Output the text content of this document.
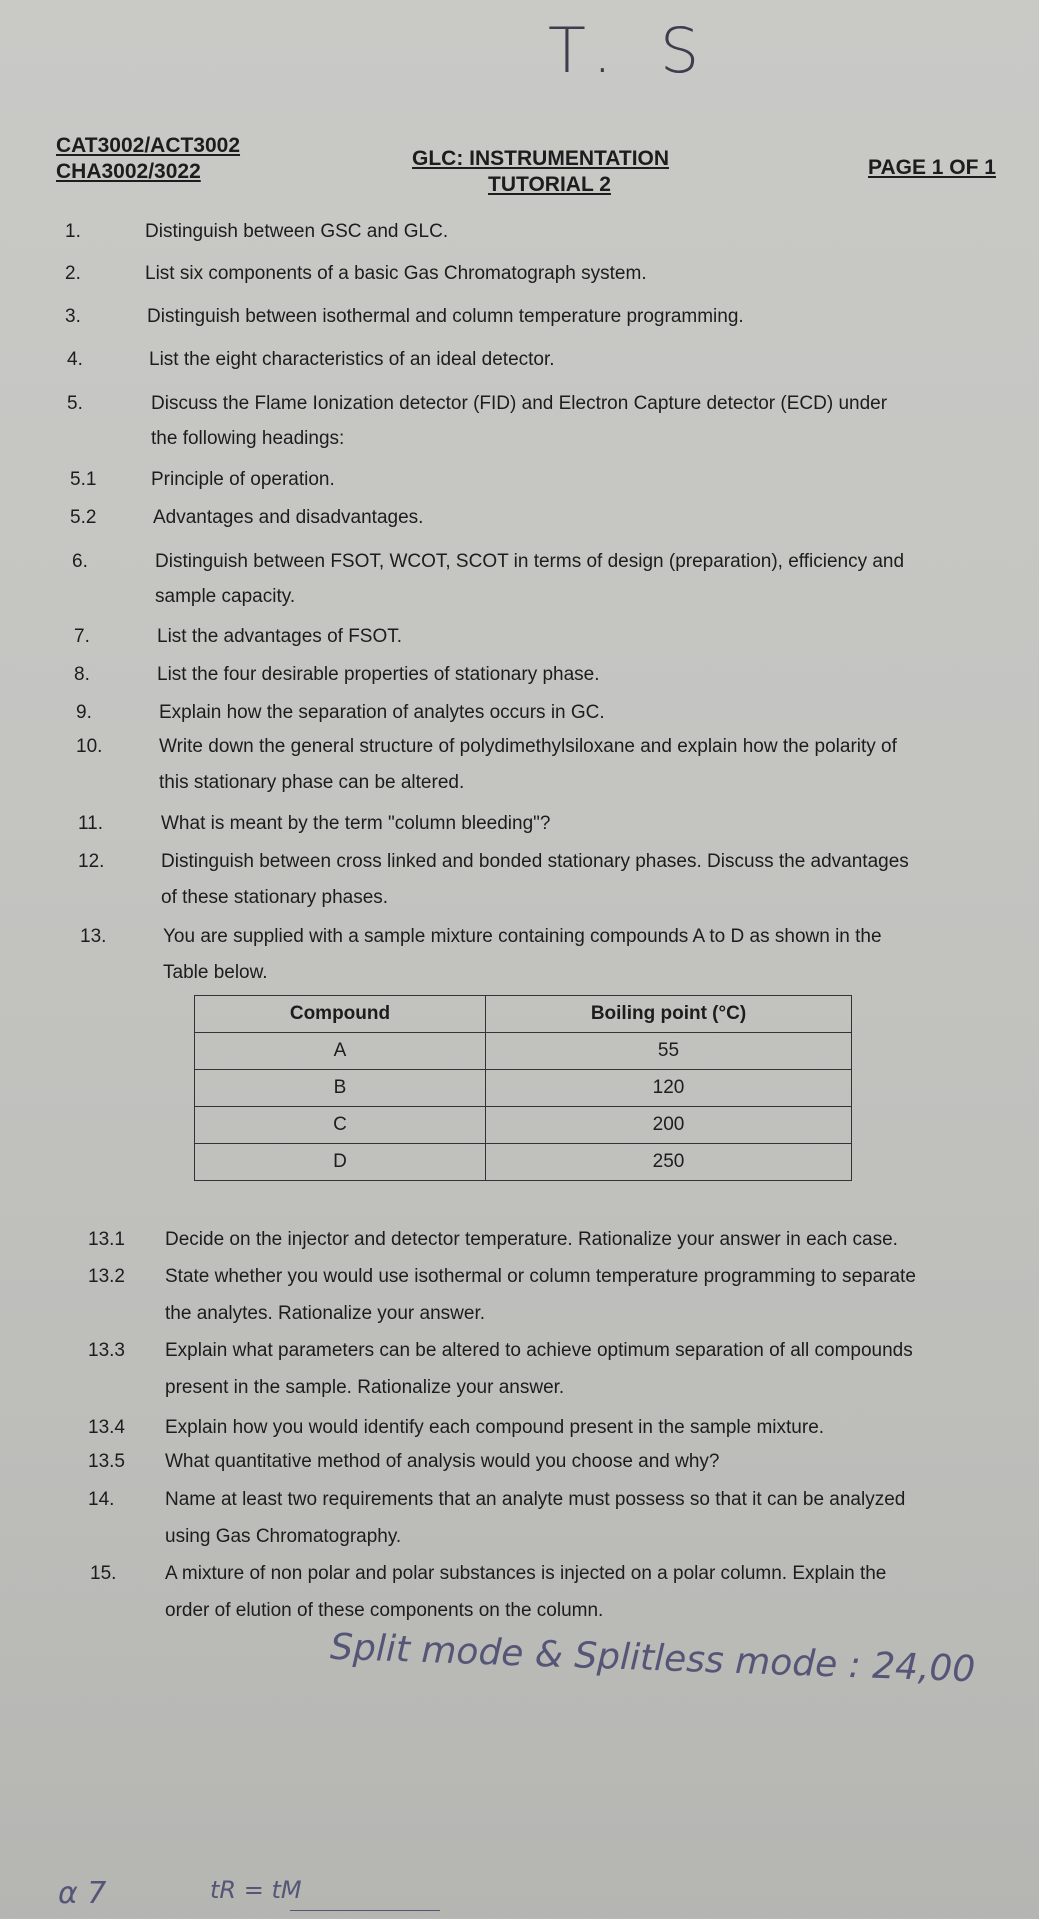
T. S
CAT3002/ACT3002
CHA3002/3022
GLC: INSTRUMENTATION
TUTORIAL 2
PAGE 1 OF 1
1.	Distinguish between GSC and GLC.
2.	List six components of a basic Gas Chromatograph system.
3.	Distinguish between isothermal and column temperature programming.
4.	List the eight characteristics of an ideal detector.
5.	Discuss the Flame Ionization detector (FID) and Electron Capture detector (ECD) under
the following headings:
5.1	Principle of operation.
5.2	Advantages and disadvantages.
6.	Distinguish between FSOT, WCOT, SCOT in terms of design (preparation), efficiency and
sample capacity.
7.	List the advantages of FSOT.
8.	List the four desirable properties of stationary phase.
9.	Explain how the separation of analytes occurs in GC.
10.	Write down the general structure of polydimethylsiloxane and explain how the polarity of
this stationary phase can be altered.
11.	What is meant by the term "column bleeding"?
12.	Distinguish between cross linked and bonded stationary phases. Discuss the advantages
of these stationary phases.
13.	You are supplied with a sample mixture containing compounds A to D as shown in the
Table below.
13.1 Decide on the injector and detector temperature. Rationalize your answer in each case.
13.2 State whether you would use isothermal or column temperature programming to separate
the analytes. Rationalize your answer.
13.3 Explain what parameters can be altered to achieve optimum separation of all compounds
present in the sample. Rationalize your answer.
13.4 Explain how you would identify each compound present in the sample mixture.
13.5 What quantitative method of analysis would you choose and why?
14.	Name at least two requirements that an analyte must possess so that it can be analyzed
using Gas Chromatography.
15.	A mixture of non polar and polar substances is injected on a polar column. Explain the
order of elution of these components on the column.
Compound	Boiling point (°C)
A	55
B	120
C	200
D	250
Split mode & Splitless mode : 24,00
α 7	tR = tM
